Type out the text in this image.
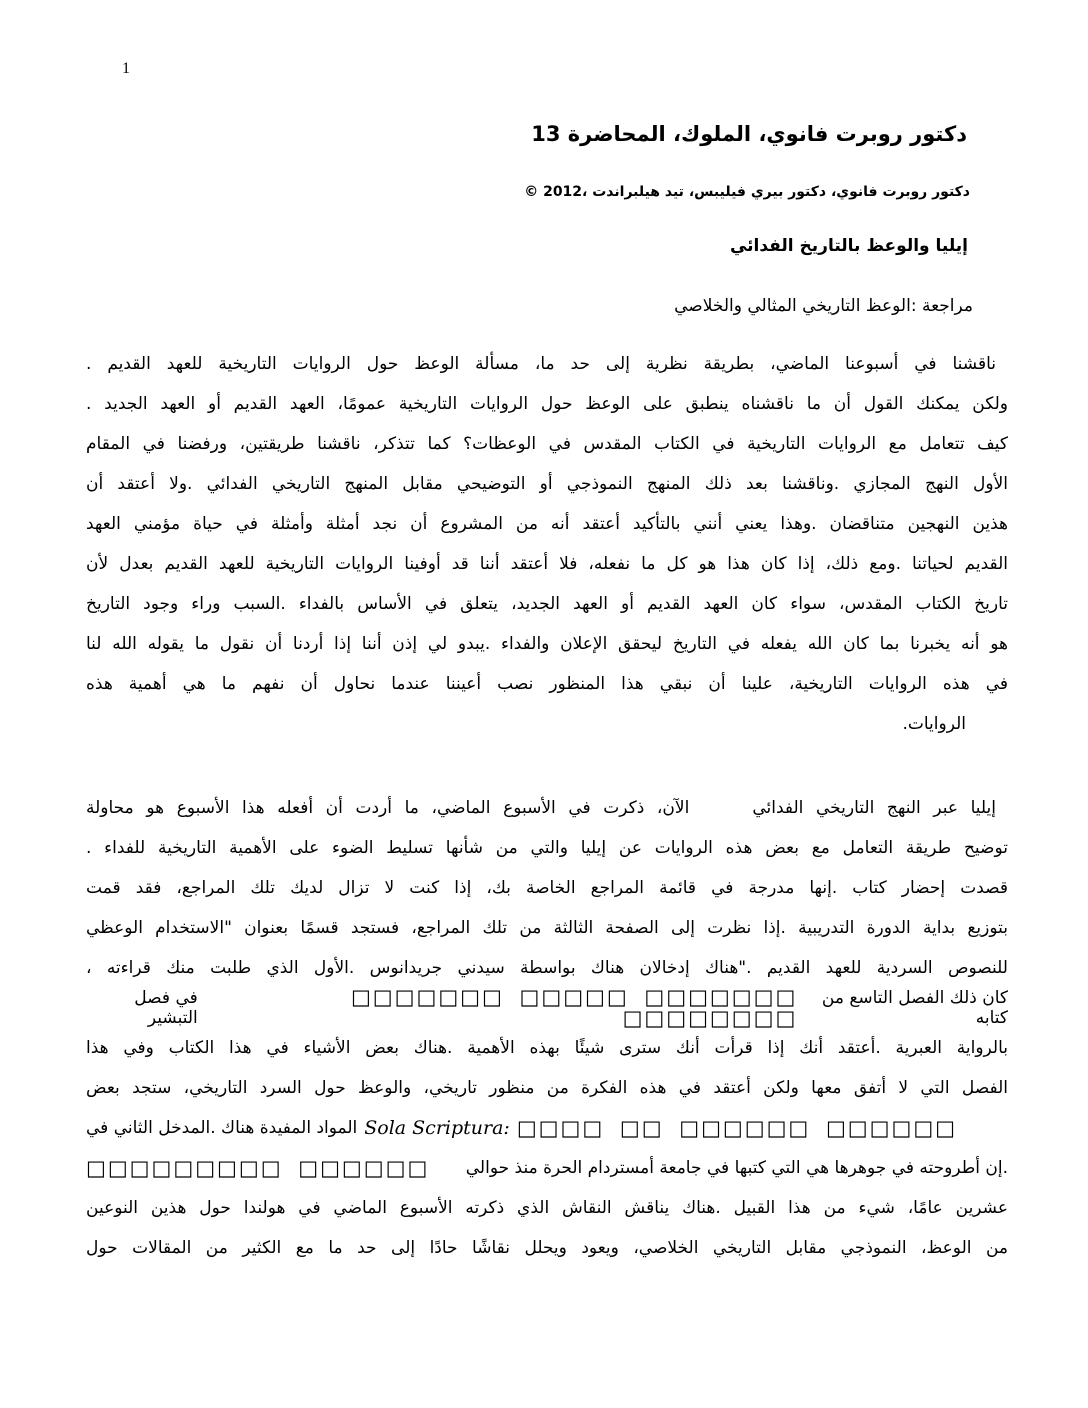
1
دكتور روبرت فانوي، الملوك، المحاضرة 13
دكتور روبرت فانوي، دكتور بيري فيليبس، تيد هيلبراندت ،2012 ©
إيليا والوعظ بالتاريخ الفدائي
مراجعة :الوعظ التاريخي المثالي والخلاصي
ناقشنا في أسبوعنا الماضي، بطريقة نظرية إلى حد ما، مسألة الوعظ حول الروايات التاريخية للعهد القديم .
ولكن يمكنك القول أن ما ناقشناه ينطبق على الوعظ حول الروايات التاريخية عمومًا، العهد القديم أو العهد الجديد .
كيف تتعامل مع الروايات التاريخية في الكتاب المقدس في الوعظات؟ كما تتذكر، ناقشنا طريقتين، ورفضنا في المقام
الأول النهج المجازي .وناقشنا بعد ذلك المنهج النموذجي أو التوضيحي مقابل المنهج التاريخي الفدائي .ولا أعتقد أن
هذين النهجين متناقضان .وهذا يعني أنني بالتأكيد أعتقد أنه من المشروع أن نجد أمثلة وأمثلة في حياة مؤمني العهد
القديم لحياتنا .ومع ذلك، إذا كان هذا هو كل ما نفعله، فلا أعتقد أننا قد أوفينا الروايات التاريخية للعهد القديم بعدل لأن
تاريخ الكتاب المقدس، سواء كان العهد القديم أو العهد الجديد، يتعلق في الأساس بالفداء .السبب وراء وجود التاريخ
هو أنه يخبرنا بما كان الله يفعله في التاريخ ليحقق الإعلان والفداء .يبدو لي إذن أننا إذا أردنا أن نقول ما يقوله الله لنا
في هذه الروايات التاريخية، علينا أن نبقي هذا المنظور نصب أعيننا عندما نحاول أن نفهم ما هي أهمية هذه
الروايات.
إيليا عبر النهج التاريخي الفدائي     الآن، ذكرت في الأسبوع الماضي، ما أردت أن أفعله هذا الأسبوع هو محاولة
توضيح طريقة التعامل مع بعض هذه الروايات عن إيليا والتي من شأنها تسليط الضوء على الأهمية التاريخية للفداء .
قصدت إحضار كتاب .إنها مدرجة في قائمة المراجع الخاصة بك، إذا كنت لا تزال لديك تلك المراجع، فقد قمت
بتوزيع بداية الدورة التدريبية .إذا نظرت إلى الصفحة الثالثة من تلك المراجع، فستجد قسمًا بعنوان "الاستخدام الوعظي
للنصوص السردية للعهد القديم ."هناك إدخالان هناك بواسطة سيدني جريدانوس .الأول الذي طلبت منك قراءته ،
كان ذلك الفصل التاسع من كتابه
□□□□□□□ □□□□□ □□□□□□□ □□□□□□□□
في فصل التبشير
بالرواية العبرية .أعتقد أنك إذا قرأت أنك سترى شيئًا بهذه الأهمية .هناك بعض الأشياء في هذا الكتاب وفي هذا
الفصل التي لا أتفق معها ولكن أعتقد في هذه الفكرة من منظور تاريخي، والوعظ حول السرد التاريخي، ستجد بعض
المواد المفيدة هناك .المدخل الثاني في Sola Scriptura: □□□□ □□ □□□□□□ □□□□□□
□□□□□□□□□ □□□□□□ .إن أطروحته في جوهرها هي التي كتبها في جامعة أمستردام الحرة منذ حوالي
عشرين عامًا، شيء من هذا القبيل .هناك يناقش النقاش الذي ذكرته الأسبوع الماضي في هولندا حول هذين النوعين
من الوعظ، النموذجي مقابل التاريخي الخلاصي، ويعود ويحلل نقاشًا حادًا إلى حد ما مع الكثير من المقالات حول
